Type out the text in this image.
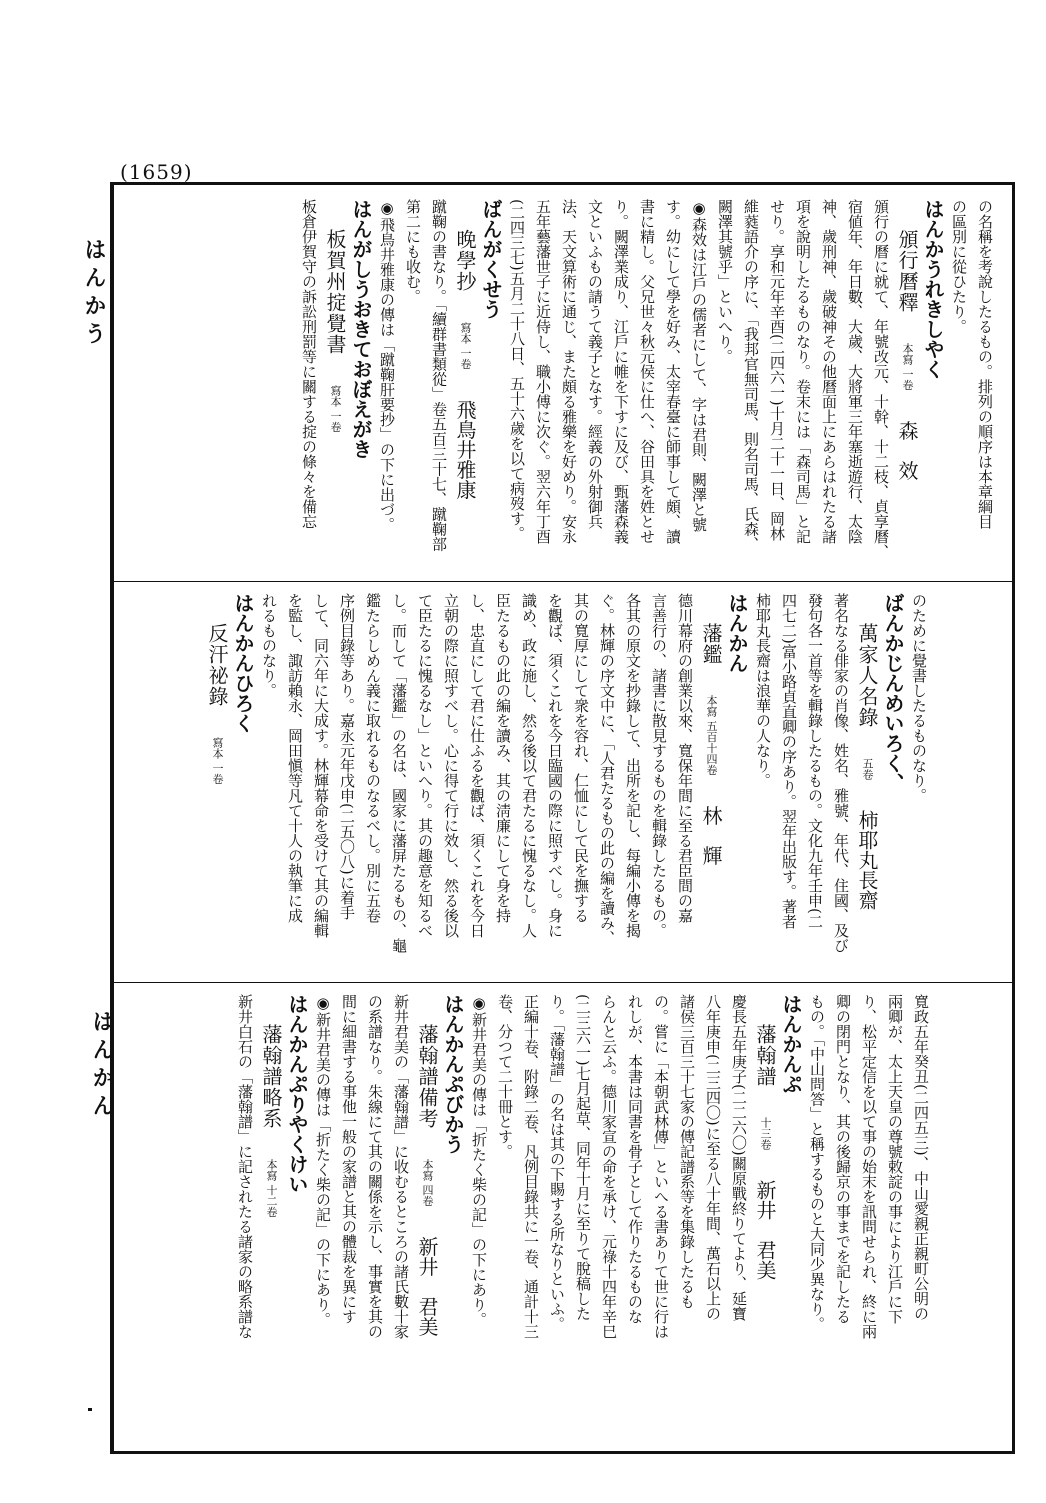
(1659)
はんかう
はんかん

の名稱を考說したるもの。排列の順序は本章綱目

の區別に從ひたり。

はんかうれきしやく

頒行曆釋本寫 一卷森　效

頒行の曆に就て、年號改元、十幹、十二枝、貞享曆、

宿値年、年日數、大歲、大將軍三年塞逝遊行、太陰

神、歲刑神、歲破神その他曆面上にあらはれたる諸

項を說明したるものなり。卷末には「森司馬」と記

せり。享和元年辛酉(二四六一)十月二十一日、岡林

維蕤語介の序に、「我邦官無司馬、則名司馬、氏森、

闕澤其號乎」といへり。

◉森效は江戶の儒者にして、字は君則、闕澤と號

す。幼にして學を好み、太宰春臺に師事して頗、讀

書に精し。父兄世々秋元侯に仕へ、谷田具を姓とせ

り。闕澤業成り、江戶に帷を下すに及び、甄藩森義

文といふもの請うて義子となす。經義の外射御兵

法、天文算術に通じ、また頗る雅樂を好めり。安永

五年藝藩世子に近侍し、職小傅に次ぐ。翌六年丁酉

(二四三七)五月二十八日、五十六歲を以て病歿す。

ばんがくせう

晚學抄寫本 一卷飛鳥井雅康

蹴鞠の書なり。「續群書類從」卷五百三十七、蹴鞠部

第二にも收む。

◉飛鳥井雅康の傳は「蹴鞠肝要抄」の下に出づ。

はんがしうおきておぼえがき

板賀州掟覺書寫本 一卷

板倉伊賀守の訴訟刑罰等に關する掟の條々を備忘

のために覺書したるものなり。

ばんかじんめいろく、

萬家人名錄五卷柿耶丸長齋

著名なる俳家の肖像、姓名、雅號、年代、住國、及び

發句各一首等を輯錄したるもの。文化九年壬申(二

四七二)富小路貞直卿の序あり。翌年出版す。著者

柿耶丸長齋は浪華の人なり。

はんかん

藩鑑本寫 五百十四卷林　輝

德川幕府の創業以來、寬保年間に至る君臣間の嘉

言善行の、諸書に散見するものを輯錄したるもの。

各其の原文を抄錄して、出所を記し、每編小傳を揭

ぐ。林輝の序文中に、「人君たるもの此の編を讀み、

其の寬厚にして衆を容れ、仁恤にして民を撫する

を觀ば、須くこれを今日臨國の際に照すべし。身に

識め、政に施し、然る後以て君たるに愧るなし。人

臣たるもの此の編を讀み、其の淸廉にして身を持

し、忠直にして君に仕ふるを觀ば、須くこれを今日

立朝の際に照すべし。心に得て行に效し、然る後以

て臣たるに愧るなし」といへり。其の趣意を知るべ

し。而して「藩鑑」の名は、國家に藩屏たるもの、龜

鑑たらしめん義に取れるものなるべし。別に五卷

序例目錄等あり。嘉永元年戊申(二五〇八)に着手

して、同六年に大成す。林輝幕命を受けて其の編輯

を監し、諏訪賴永、岡田愼等凡て十人の執筆に成

れるものなり。

はんかんひろく

反汗祕錄寫本 一卷

寬政五年癸丑(二四五三)、中山愛親正親町公明の

兩卿が、太上天皇の尊號敕諚の事により江戶に下

り、松平定信を以て事の始末を訊問せられ、終に兩

卿の閉門となり、其の後歸京の事までを記したる

もの。「中山問答」と稱するものと大同少異なり。

はんかんぷ

藩翰譜十三卷新井　君美

慶長五年庚子(二二六〇)關原戰終りてより、延寶

八年庚申(二三四〇)に至る八十年間、萬石以上の

諸侯三百三十七家の傳記譜系等を集錄したるも

の。嘗に「本朝武林傳」といへる書ありて世に行は

れしが、本書は同書を骨子として作りたるものな

らんと云ふ。德川家宣の命を承け、元祿十四年辛巳

(二三六一)七月起草、同年十月に至りて脫稿した

り。「藩翰譜」の名は其の下賜する所なりといふ。

正編十卷、附錄二卷、凡例目錄共に一卷、通計十三

卷、分つて二十冊とす。

◉新井君美の傳は「折たく柴の記」の下にあり。

はんかんぷびかう

藩翰譜備考本寫 四卷新井　君美

新井君美の「藩翰譜」に收むるところの諸氏數十家

の系譜なり。朱線にて其の關係を示し、事實を其の

間に細書する事他一般の家譜と其の體裁を異にす

◉新井君美の傳は「折たく柴の記」の下にあり。

はんかんぷりやくけい

藩翰譜略系本寫 十二卷

新井白石の「藩翰譜」に記されたる諸家の略系譜な
